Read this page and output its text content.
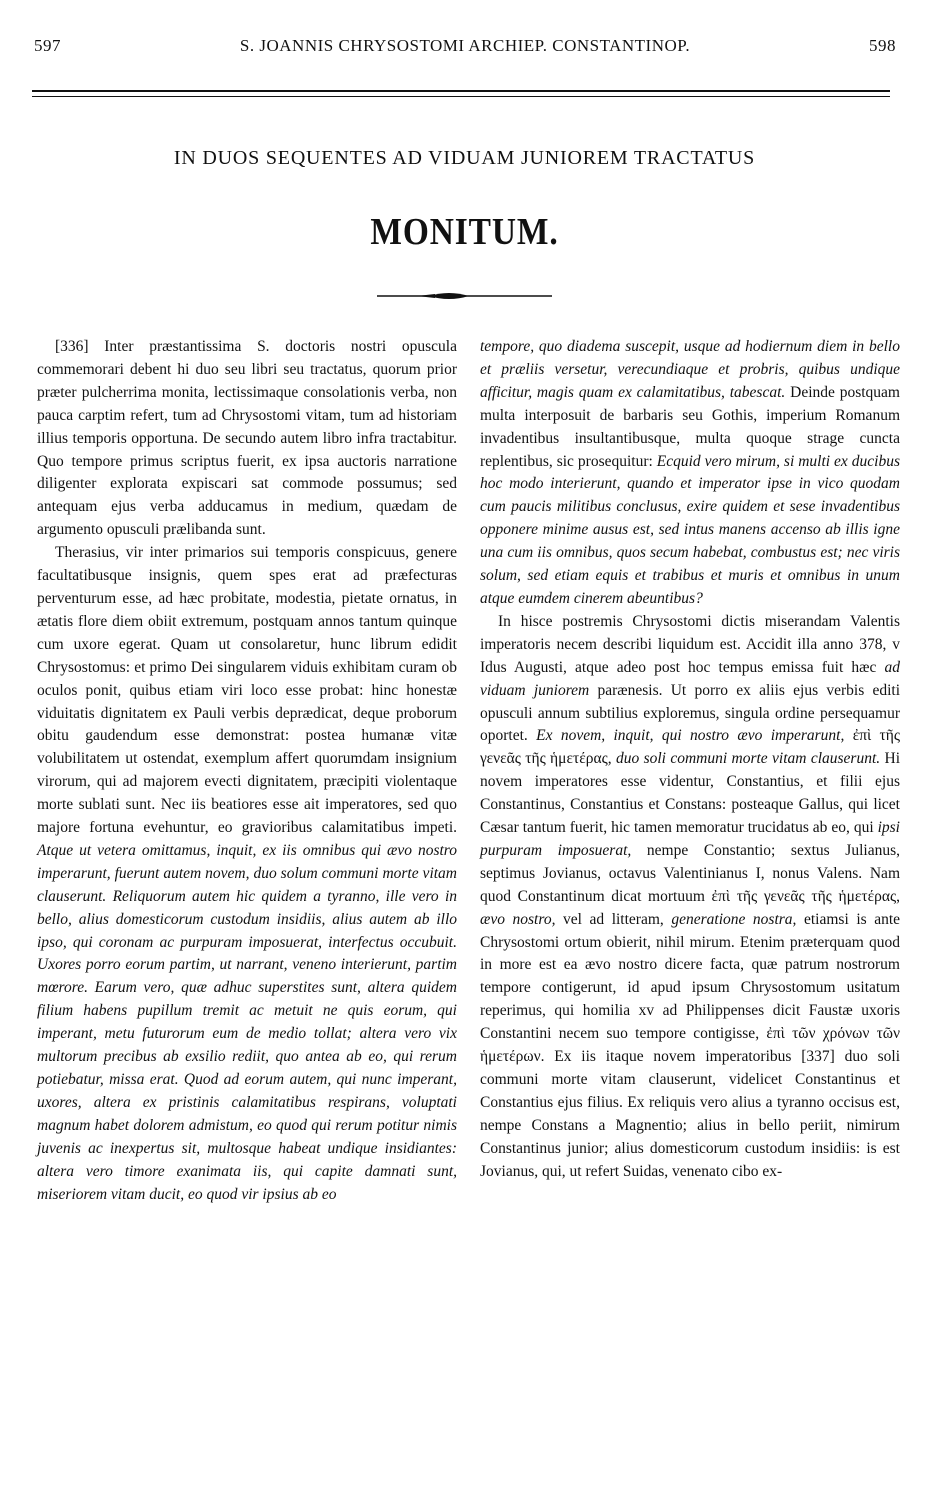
597	S. JOANNIS CHRYSOSTOMI ARCHIEP. CONSTANTINOP.	598
IN DUOS SEQUENTES AD VIDUAM JUNIOREM TRACTATUS
MONITUM.

[336] Inter præstantissima S. doctoris nostri opuscula commemorari debent hi duo seu libri seu tractatus, quorum prior præter pulcherrima monita, lectissimaque consolationis verba, non pauca carptim refert, tum ad Chrysostomi vitam, tum ad historiam illius temporis opportuna. De secundo autem libro infra tractabitur. Quo tempore primus scriptus fuerit, ex ipsa auctoris narratione diligenter explorata expiscari sat commode possumus; sed antequam ejus verba adducamus in medium, quædam de argumento opusculi prælibanda sunt.

Therasius, vir inter primarios sui temporis conspicuus, genere facultatibusque insignis, quem spes erat ad præfecturas perventurum esse, ad hæc probitate, modestia, pietate ornatus, in ætatis flore diem obiit extremum, postquam annos tantum quinque cum uxore egerat. Quam ut consolaretur, hunc librum edidit Chrysostomus: et primo Dei singularem viduis exhibitam curam ob oculos ponit, quibus etiam viri loco esse probat: hinc honestæ viduitatis dignitatem ex Pauli verbis deprædicat, deque proborum obitu gaudendum esse demonstrat: postea humanæ vitæ volubilitatem ut ostendat, exemplum affert quorumdam insignium virorum, qui ad majorem evecti dignitatem, præcipiti violentaque morte sublati sunt. Nec iis beatiores esse ait imperatores, sed quo majore fortuna evehuntur, eo gravioribus calamitatibus impeti. Atque ut vetera omittamus, inquit, ex iis omnibus qui ævo nostro imperarunt, fuerunt autem novem, duo solum communi morte vitam clauserunt. Reliquorum autem hic quidem a tyranno, ille vero in bello, alius domesticorum custodum insidiis, alius autem ab illo ipso, qui coronam ac purpuram imposuerat, interfectus occubuit. Uxores porro eorum partim, ut narrant, veneno interierunt, partim mœrore. Earum vero, quæ adhuc superstites sunt, altera quidem filium habens pupillum tremit ac metuit ne quis eorum, qui imperant, metu futurorum eum de medio tollat; altera vero vix multorum precibus ab exsilio rediit, quo antea ab eo, qui rerum potiebatur, missa erat. Quod ad eorum autem, qui nunc imperant, uxores, altera ex pristinis calamitatibus respirans, voluptati magnum habet dolorem admistum, eo quod qui rerum potitur nimis juvenis ac inexpertus sit, multosque habeat undique insidiantes: altera vero timore exanimata iis, qui capite damnati sunt, miseriorem vitam ducit, eo quod vir ipsius ab eo

tempore, quo diadema suscepit, usque ad hodiernum diem in bello et præliis versetur, verecundiaque et probris, quibus undique afficitur, magis quam ex calamitatibus, tabescat. Deinde postquam multa interposuit de barbaris seu Gothis, imperium Romanum invadentibus insultantibusque, multa quoque strage cuncta replentibus, sic prosequitur: Ecquid vero mirum, si multi ex ducibus hoc modo interierunt, quando et imperator ipse in vico quodam cum paucis militibus conclusus, exire quidem et sese invadentibus opponere minime ausus est, sed intus manens accenso ab illis igne una cum iis omnibus, quos secum habebat, combustus est; nec viris solum, sed etiam equis et trabibus et muris et omnibus in unum atque eumdem cinerem abeuntibus?

In hisce postremis Chrysostomi dictis miserandam Valentis imperatoris necem describi liquidum est. Accidit illa anno 378, v Idus Augusti, atque adeo post hoc tempus emissa fuit hæc ad viduam juniorem parænesis. Ut porro ex aliis ejus verbis editi opusculi annum subtilius exploremus, singula ordine persequamur oportet. Ex novem, inquit, qui nostro ævo imperarunt, ἐπὶ τῆς γενεᾶς τῆς ἡμετέρας, duo soli communi morte vitam clauserunt. Hi novem imperatores esse videntur, Constantius, et filii ejus Constantinus, Constantius et Constans: posteaque Gallus, qui licet Cæsar tantum fuerit, hic tamen memoratur trucidatus ab eo, qui ipsi purpuram imposuerat, nempe Constantio; sextus Julianus, septimus Jovianus, octavus Valentinianus I, nonus Valens. Nam quod Constantinum dicat mortuum ἐπὶ τῆς γενεᾶς τῆς ἡμετέρας, ævo nostro, vel ad litteram, generatione nostra, etiamsi is ante Chrysostomi ortum obierit, nihil mirum. Etenim præterquam quod in more est ea ævo nostro dicere facta, quæ patrum nostrorum tempore contigerunt, id apud ipsum Chrysostomum usitatum reperimus, qui homilia xv ad Philippenses dicit Faustæ uxoris Constantini necem suo tempore contigisse, ἐπὶ τῶν χρόνων τῶν ἡμετέρων. Ex iis itaque novem imperatoribus [337] duo soli communi morte vitam clauserunt, videlicet Constantinus et Constantius ejus filius. Ex reliquis vero alius a tyranno occisus est, nempe Constans a Magnentio; alius in bello periit, nimirum Constantinus junior; alius domesticorum custodum insidiis: is est Jovianus, qui, ut refert Suidas, venenato cibo ex-
